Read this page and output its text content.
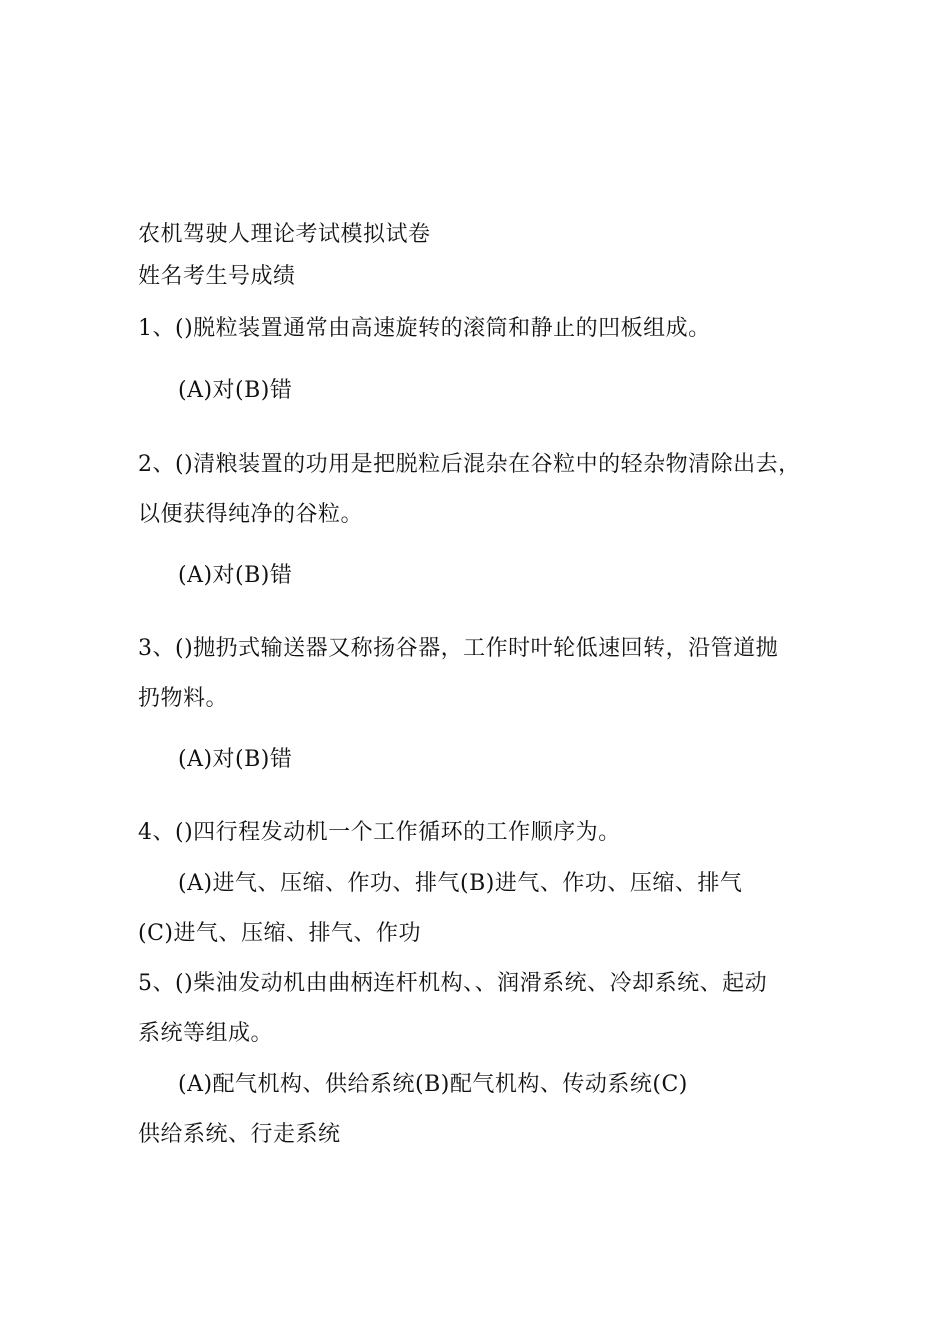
农机驾驶人理论考试模拟试卷
姓名考生号成绩
1、()脱粒装置通常由高速旋转的滚筒和静止的凹板组成。
(A)对(B)错
2、()清粮装置的功用是把脱粒后混杂在谷粒中的轻杂物清除出去，
以便获得纯净的谷粒。
(A)对(B)错
3、()抛扔式输送器又称扬谷器，工作时叶轮低速回转，沿管道抛
扔物料。
(A)对(B)错
4、()四行程发动机一个工作循环的工作顺序为。
(A)进气、压缩、作功、排气(B)进气、作功、压缩、排气
(C)进气、压缩、排气、作功
5、()柴油发动机由曲柄连杆机构、、润滑系统、冷却系统、起动
系统等组成。
(A)配气机构、供给系统(B)配气机构、传动系统(C)
供给系统、行走系统
